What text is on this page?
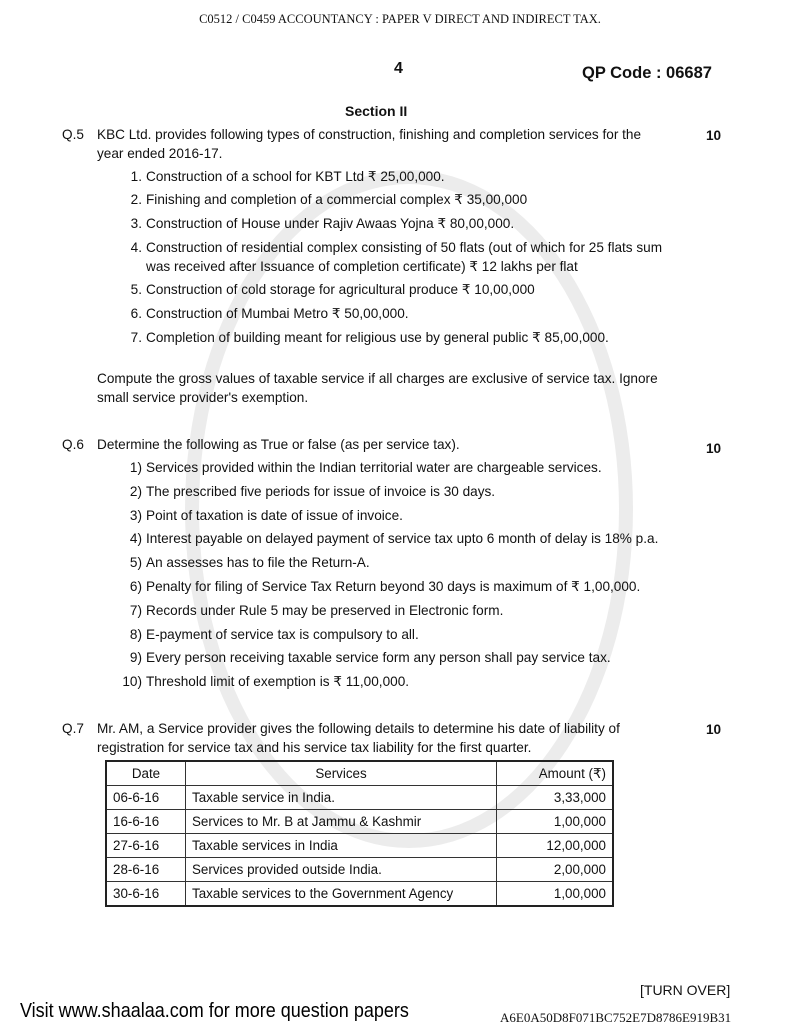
C0512 / C0459 ACCOUNTANCY : PAPER V DIRECT AND INDIRECT TAX.
4	QP Code : 06687
Section II
Q.5 KBC Ltd. provides following types of construction, finishing and completion services for the	10
year ended 2016-17.
1. Construction of a school for KBT Ltd ₹ 25,00,000.
2. Finishing and completion of a commercial complex ₹ 35,00,000
3. Construction of House under Rajiv Awaas Yojna ₹ 80,00,000.
4. Construction of residential complex consisting of 50 flats (out of which for 25 flats sum
was received after Issuance of completion certificate) ₹ 12 lakhs per flat
5. Construction of cold storage for agricultural produce ₹ 10,00,000
6. Construction of Mumbai Metro ₹ 50,00,000.
7. Completion of building meant for religious use by general public ₹ 85,00,000.
Compute the gross values of taxable service if all charges are exclusive of service tax. Ignore
small service provider's exemption.
Q.6 Determine the following as True or false (as per service tax).	10
1) Services provided within the Indian territorial water are chargeable services.
2) The prescribed five periods for issue of invoice is 30 days.
3) Point of taxation is date of issue of invoice.
4) Interest payable on delayed payment of service tax upto 6 month of delay is 18% p.a.
5) An assesses has to file the Return-A.
6) Penalty for filing of Service Tax Return beyond 30 days is maximum of ₹ 1,00,000.
7) Records under Rule 5 may be preserved in Electronic form.
8) E-payment of service tax is compulsory to all.
9) Every person receiving taxable service form any person shall pay service tax.
10) Threshold limit of exemption is ₹ 11,00,000.
Q.7 Mr. AM, a Service provider gives the following details to determine his date of liability of	10
registration for service tax and his service tax liability for the first quarter.
Date	Services	Amount (₹)
06-6-16	Taxable service in India.	3,33,000
16-6-16	Services to Mr. B at Jammu & Kashmir	1,00,000
27-6-16	Taxable services in India	12,00,000
28-6-16	Services provided outside India.	2,00,000
30-6-16	Taxable services to the Government Agency	1,00,000
[TURN OVER]
A6E0A50D8F071BC752E7D8786E919B31
Visit www.shaalaa.com for more question papers
